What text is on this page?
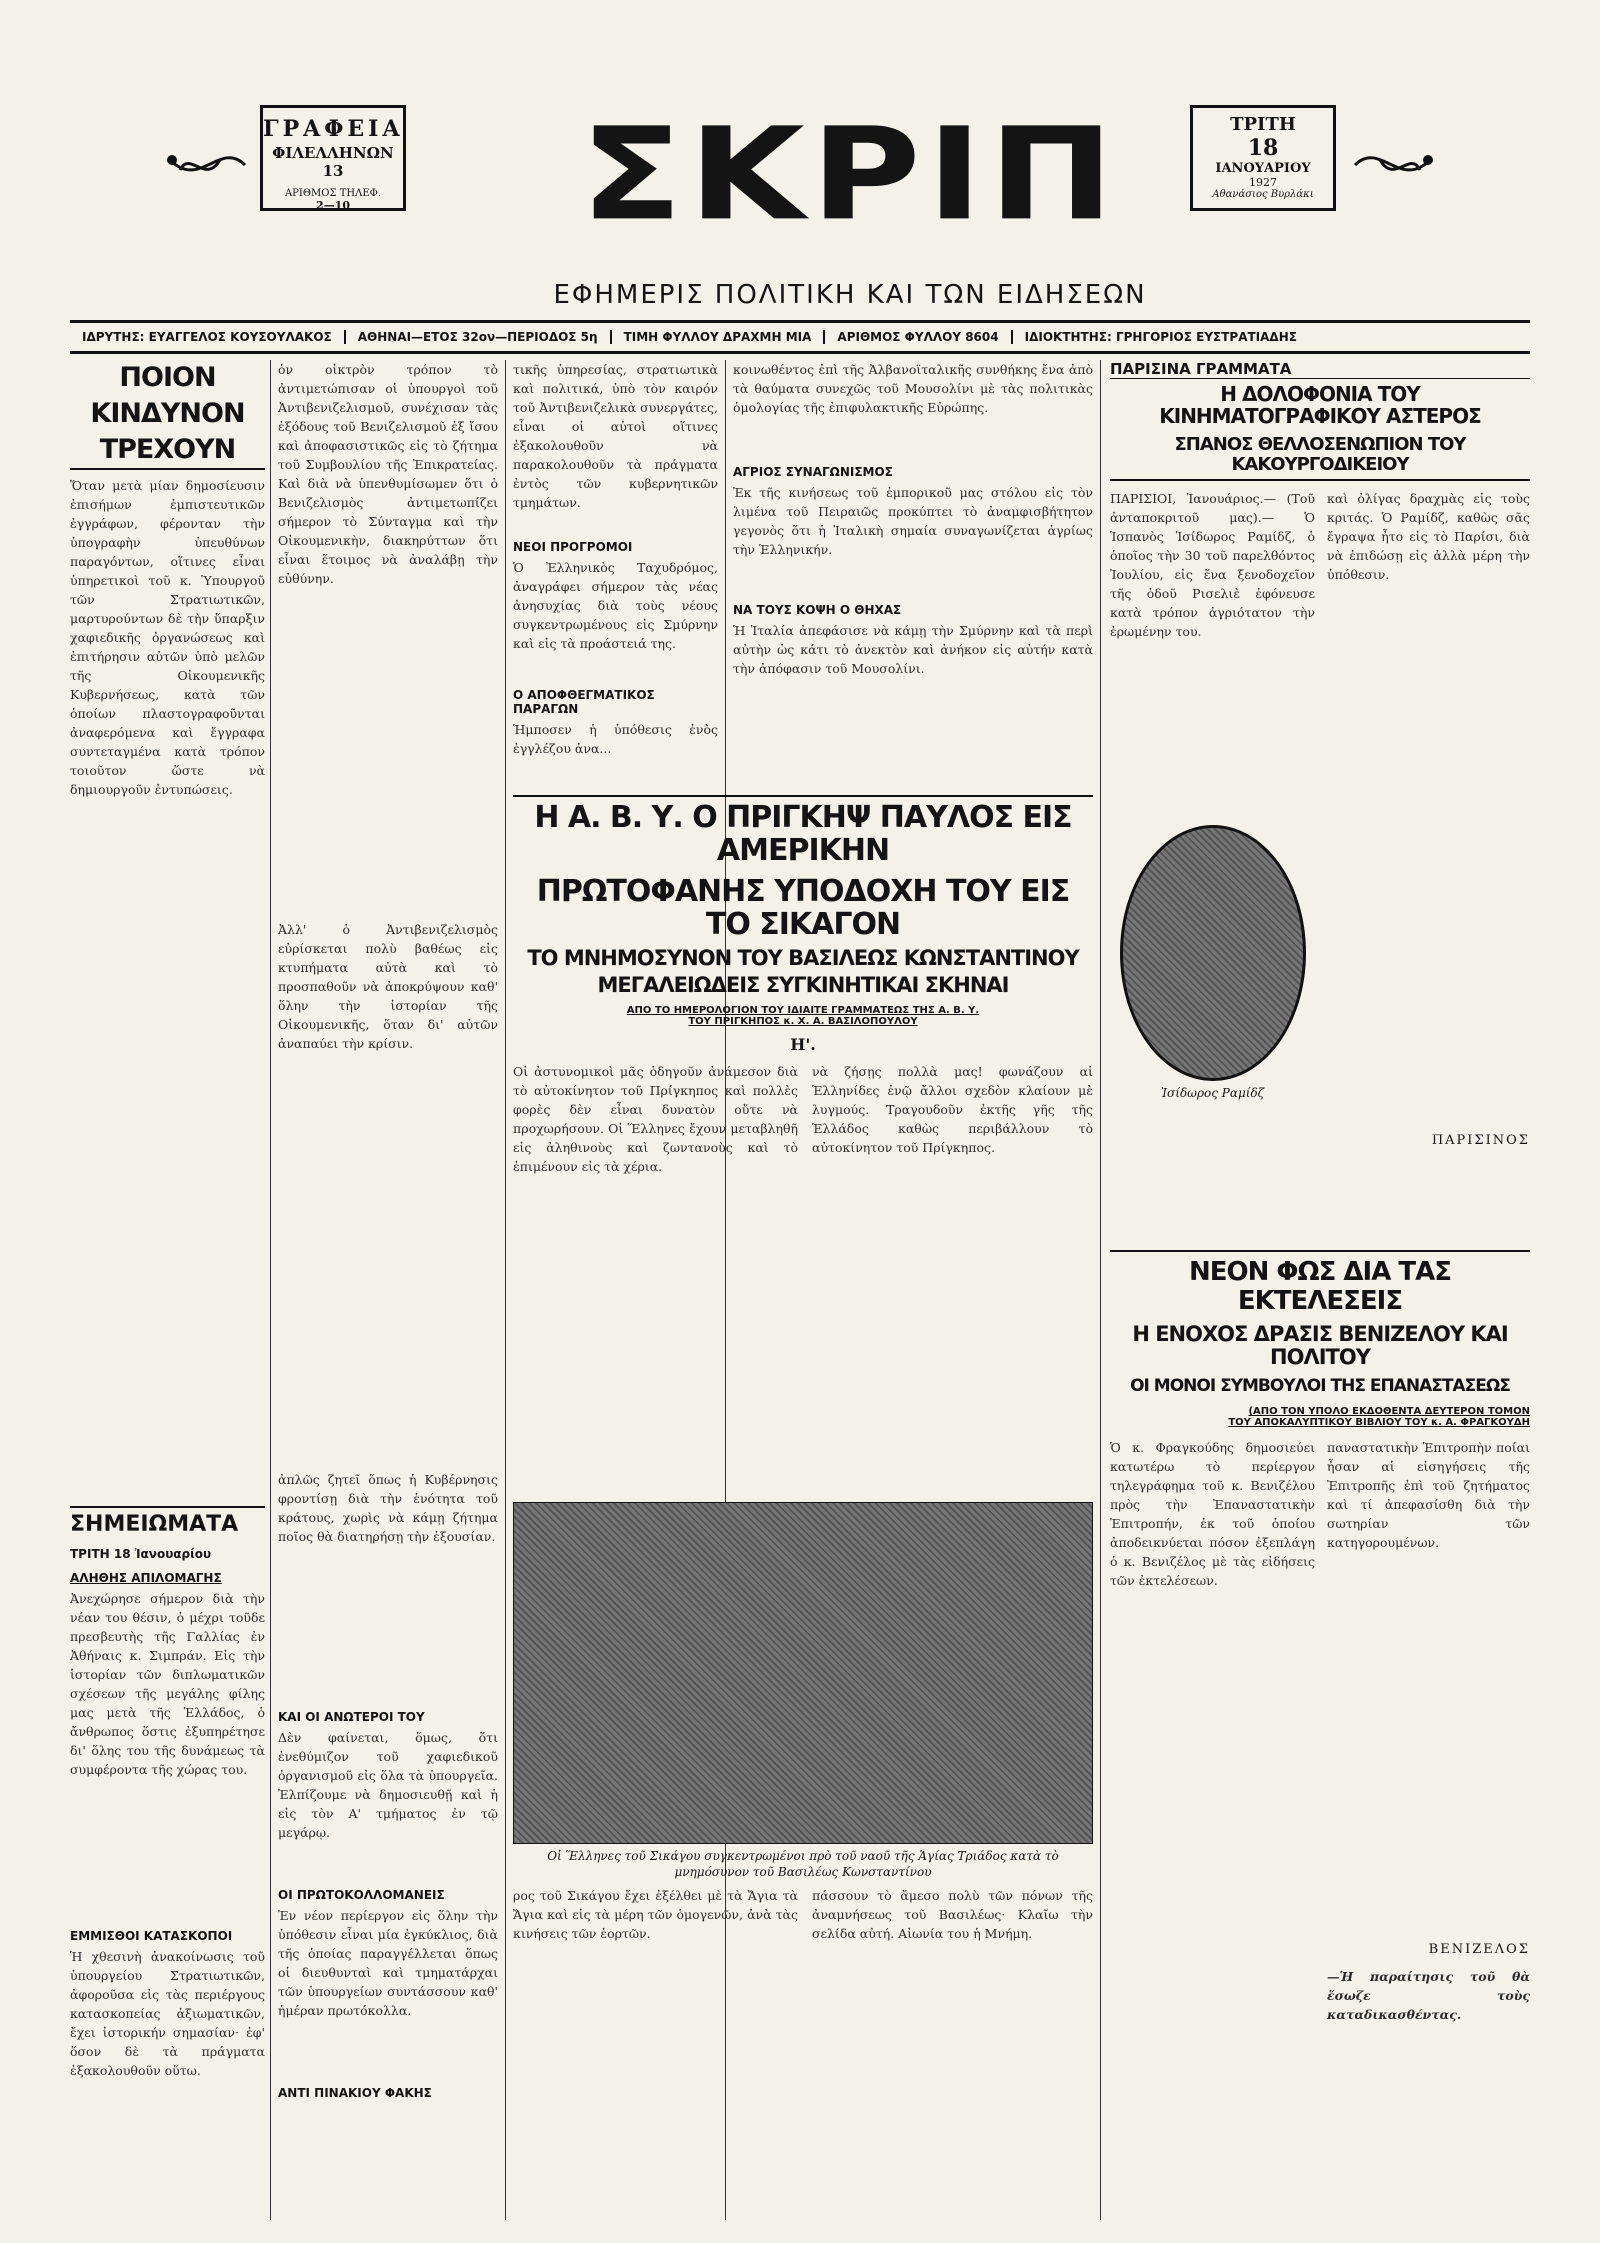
ΓΡΑΦΕΙΑ
ΦΙΛΕΛΛΗΝΩΝ 13
ΑΡΙΘΜΟΣ ΤΗΛΕΦ.
2—10	ΣΚΡΙΠ
ΕΦΗΜΕΡΙΣ ΠΟΛΙΤΙΚΗ ΚΑΙ ΤΩΝ ΕΙΔΗΣΕΩΝ
ΤΡΙΤΗ
18
ΙΑΝΟΥΑΡΙΟΥ
1927
Αθανάσιος Βυρλάκι
ΙΔΡΥΤΗΣ: ΕΥΑΓΓΕΛΟΣ ΚΟΥΣΟΥΛΑΚΟΣ	ΑΘΗΝΑΙ—ΕΤΟΣ 32ον—ΠΕΡΙΟΔΟΣ 5η	ΤΙΜΗ ΦΥΛΛΟΥ ΔΡΑΧΜΗ ΜΙΑ	ΑΡΙΘΜΟΣ ΦΥΛΛΟΥ 8604	ΙΔΙΟΚΤΗΤΗΣ: ΓΡΗΓΟΡΙΟΣ ΕΥΣΤΡΑΤΙΑΔΗΣ
ΠΟΙΟΝ ΚΙΝΔΥΝΟΝ ΤΡΕΧΟΥΝ
Ὅταν μετὰ μίαν δημοσίευσιν ἐπισήμων ἐμπιστευτικῶν ἐγγράφων, φέρονταν τὴν ὑπογραφὴν ὑπευθύνων παραγόντων, οἵτινες εἶναι ὑπηρετικοὶ τοῦ κ. Ὑπουργοῦ τῶν Στρατιωτικῶν, μαρτυρούντων δὲ τὴν ὕπαρξιν χαφιεδικῆς ὀργανώσεως καὶ ἐπιτήρησιν αὐτῶν ὑπὸ μελῶν τῆς Οἰκουμενικῆς Κυβερνήσεως, κατὰ τῶν ὁποίων πλαστογραφοῦνται ἀναφερόμενα καὶ ἔγγραφα συντεταγμένα κατὰ τρόπον τοιοῦτον ὥστε νὰ δημιουργοῦν ἐντυπώσεις.
ΣΗΜΕΙΩΜΑΤΑ
ΤΡΙΤΗ 18 Ἰανουαρίου
ΑΛΗΘΗΣ ΑΠΙΛΟΜΑΓΗΣ
Ἀνεχώρησε σήμερον διὰ τὴν νέαν του θέσιν, ὁ μέχρι τοῦδε πρεσβευτὴς τῆς Γαλλίας ἐν Ἀθήναις κ. Σιμπράν. Εἰς τὴν ἱστορίαν τῶν διπλωματικῶν σχέσεων τῆς μεγάλης φίλης μας μετὰ τῆς Ἑλλάδος, ὁ ἄνθρωπος ὅστις ἐξυπηρέτησε δι' ὅλης του τῆς δυνάμεως τὰ συμφέροντα τῆς χώρας του.
ΕΜΜΙΣΘΟΙ ΚΑΤΑΣΚΟΠΟΙ
Ἡ χθεσινὴ ἀνακοίνωσις τοῦ ὑπουργείου Στρατιωτικῶν, ἀφοροῦσα εἰς τὰς περιέργους κατασκοπείας ἀξιωματικῶν, ἔχει ἰστορικήν σημασίαν· ἐφ' ὅσον δὲ τὰ πράγματα ἐξακολουθοῦν οὕτω.
ὁν οἰκτρὸν τρόπον τὸ ἀντιμετώπισαν οἱ ὑπουργοὶ τοῦ Ἀντιβενιζελισμοῦ, συνέχισαν τὰς ἐξόδους τοῦ Βενιζελισμοῦ ἐξ ἴσου καὶ ἀποφασιστικῶς εἰς τὸ ζήτημα τοῦ Συμβουλίου τῆς Ἐπικρατείας. Καὶ διὰ νὰ ὑπενθυμίσωμεν ὅτι ὁ Βενιζελισμὸς ἀντιμετωπίζει σήμερον τὸ Σύνταγμα καὶ τὴν Οἰκουμενικὴν, διακηρύττων ὅτι εἶναι ἕτοιμος νὰ ἀναλάβῃ τὴν εὐθύνην.
Ἀλλ' ὁ Ἀντιβενιζελισμὸς εὐρίσκεται πολὺ βαθέως εἰς κτυπήματα αὐτὰ καὶ τὸ προσπαθοῦν νὰ ἀποκρύψουν καθ' ὅλην τὴν ἱστορίαν τῆς Οἰκουμενικῆς, ὅταν δι' αὐτῶν ἀναπαύει τὴν κρίσιν.
ἀπλῶς ζητεῖ ὅπως ἡ Κυβέρνησις φροντίσῃ διὰ τὴν ἑνότητα τοῦ κράτους, χωρὶς νὰ κάμῃ ζήτημα ποῖος θὰ διατηρήσῃ τὴν ἐξουσίαν.
ΚΑΙ ΟΙ ΑΝΩΤΕΡΟΙ ΤΟΥ
Δὲν φαίνεται, ὅμως, ὅτι ἐνεθύμιζον τοῦ χαφιεδικοῦ ὀργανισμοῦ εἰς ὅλα τὰ ὑπουργεῖα. Ἐλπίζουμε νὰ δημοσιευθῇ καὶ ἡ εἰς τὸν Α' τμήματος ἐν τῷ μεγάρῳ.
ΟΙ ΠΡΩΤΟΚΟΛΛΟΜΑΝΕΙΣ
Ἐν νέον περίεργον εἰς ὅλην τὴν ὑπόθεσιν εἶναι μία ἐγκύκλιος, διὰ τῆς ὁποίας παραγγέλλεται ὅπως οἱ διευθυνταὶ καὶ τμηματάρχαι τῶν ὑπουργείων συντάσσουν καθ' ἡμέραν πρωτόκολλα.
ΑΝΤΙ ΠΙΝΑΚΙΟΥ ΦΑΚΗΣ
τικῆς ὑπηρεσίας, στρατιωτικὰ καὶ πολιτικά, ὑπὸ τὸν καιρόν τοῦ Ἀντιβενιζελικὰ συνεργάτες, εἶναι οἱ αὐτοὶ οἵτινες ἐξακολουθοῦν νὰ παρακολουθοῦν τὰ πράγματα ἐντὸς τῶν κυβερνητικῶν τμημάτων.
ΝΕΟΙ ΠΡΟΓΡΟΜΟΙ
Ὁ Ἐλληνικὸς Ταχυδρόμος, ἀναγράφει σήμερον τὰς νέας ἀνησυχίας διὰ τοὺς νέους συγκεντρωμένους εἰς Σμύρνην καὶ εἰς τὰ προάστειά της.
Ο ΑΠΟΦΘΕΓΜΑΤΙΚΟΣ ΠΑΡΑΓΩΝ
Ἡμποσεν ἡ ὑπόθεσις ἐνὸς ἐγγλέζου ἀνα...
κοινωθέντος ἐπὶ τῆς Ἀλβανοϊταλικῆς συνθήκης ἔνα ἀπὸ τὰ θαύματα συνεχῶς τοῦ Μουσολίνι μὲ τὰς πολιτικὰς ὁμολογίας τῆς ἐπιφυλακτικῆς Εὐρώπης.
ΑΓΡΙΟΣ ΣΥΝΑΓΩΝΙΣΜΟΣ
Ἐκ τῆς κινήσεως τοῦ ἐμπορικοῦ μας στόλου εἰς τὸν λιμένα τοῦ Πειραιῶς προκύπτει τὸ ἀναμφισβήτητον γεγονὸς ὅτι ἡ Ἰταλικὴ σημαία συναγωνίζεται ἀγρίως τὴν Ἑλληνικήν.
ΝΑ ΤΟΥΣ ΚΟΨΗ Ο ΘΗΧΑΣ
Ἡ Ἰταλία ἀπεφάσισε νὰ κάμῃ τὴν Σμύρνην καὶ τὰ περὶ αὐτὴν ὡς κάτι τὸ ἀνεκτὸν καὶ ἀνήκον εἰς αὐτήν κατὰ τὴν ἀπόφασιν τοῦ Μουσολίνι.
Η Α. Β. Υ. Ο ΠΡΙΓΚΗΨ ΠΑΥΛΟΣ ΕΙΣ ΑΜΕΡΙΚΗΝ
ΠΡΩΤΟΦΑΝΗΣ ΥΠΟΔΟΧΗ ΤΟΥ ΕΙΣ ΤΟ ΣΙΚΑΓΟΝ
ΤΟ ΜΝΗΜΟΣΥΝΟΝ ΤΟΥ ΒΑΣΙΛΕΩΣ ΚΩΝΣΤΑΝΤΙΝΟΥ
ΜΕΓΑΛΕΙΩΔΕΙΣ ΣΥΓΚΙΝΗΤΙΚΑΙ ΣΚΗΝΑΙ
ΑΠΟ ΤΟ ΗΜΕΡΟΛΟΓΙΟΝ ΤΟΥ ΙΔΙΑΙΤΕ ΓΡΑΜΜΑΤΕΩΣ ΤΗΣ Α. Β. Υ.
ΤΟΥ ΠΡΙΓΚΗΠΟΣ κ. Χ. Α. ΒΑΣΙΛΟΠΟΥΛΟΥ
Η'.
Οἱ ἀστυνομικοὶ μᾶς ὁδηγοῦν ἀνάμεσον διὰ τὸ αὐτοκίνητον τοῦ Πρίγκηπος καὶ πολλὲς φορὲς δὲν εἶναι δυνατὸν οὔτε νὰ προχωρήσουν. Οἱ Ἕλληνες ἔχουν μεταβληθῆ εἰς ἀληθινοὺς καὶ ζωντανοὺς καὶ τὸ ἐπιμένουν εἰς τὰ χέρια.
νὰ ζήσῃς πολλὰ μας! φωνάζουν αἱ Ἑλληνίδες ἐνῷ ἄλλοι σχεδὸν κλαίουν μὲ λυγμούς. Τραγουδοῦν ἐκτῆς γῆς τῆς Ἑλλάδος καθὼς περιβάλλουν τὸ αὐτοκίνητον τοῦ Πρίγκηπος.
Οἱ Ἕλληνες τοῦ Σικάγου συγκεντρωμένοι πρὸ τοῦ ναοῦ τῆς Ἁγίας Τριάδος κατὰ τὸ μνημόσυνον τοῦ Βασιλέως Κωνσταντίνου
ρος τοῦ Σικάγου ἔχει ἐξέλθει μὲ τὰ Ἄγια τὰ Ἄγια καὶ εἰς τὰ μέρη τῶν ὁμογενῶν, ἀνὰ τὰς κινήσεις τῶν ἑορτῶν.
πάσσουν τὸ ἄμεσο πολὺ τῶν πόνων τῆς ἀναμνήσεως τοῦ Βασιλέως· Κλαῖω τὴν σελίδα αὐτή. Αἰωνία του ἡ Μνήμη.
ΠΑΡΙΣΙΝΑ ΓΡΑΜΜΑΤΑ
Η ΔΟΛΟΦΟΝΙΑ ΤΟΥ ΚΙΝΗΜΑΤΟΓΡΑΦΙΚΟΥ ΑΣΤΕΡΟΣ
ΣΠΑΝΟΣ ΘΕΛΛΟΣΕΝΩΠΙΟΝ ΤΟΥ ΚΑΚΟΥΡΓΟΔΙΚΕΙΟΥ
ΠΑΡΙΣΙΟΙ, Ἰανουάριος.— (Τοῦ ἀνταποκριτοῦ μας).— Ὁ Ἱσπανὸς Ἰσίδωρος Ραμίδζ, ὁ ὁποῖος τὴν 30 τοῦ παρελθόντος Ἰουλίου, εἰς ἕνα ξενοδοχεῖον τῆς ὁδοῦ Ρισελιὲ ἐφόνευσε κατὰ τρόπον ἀγριότατον τὴν ἐρωμένην του.
Ἰσίδωρος Ραμίδζ
καὶ ὀλίγας δραχμὰς εἰς τοὺς κριτάς. Ὁ Ραμίδζ, καθὼς σᾶς ἔγραψα ἦτο εἰς τὸ Παρίσι, διὰ νὰ ἐπιδώσῃ εἰς ἀλλὰ μέρη τὴν ὑπόθεσιν.
ΠΑΡΙΣΙΝΟΣ
ΝΕΟΝ ΦΩΣ ΔΙΑ ΤΑΣ ΕΚΤΕΛΕΣΕΙΣ
Η ΕΝΟΧΟΣ ΔΡΑΣΙΣ ΒΕΝΙΖΕΛΟΥ ΚΑΙ ΠΟΛΙΤΟΥ
ΟΙ ΜΟΝΟΙ ΣΥΜΒΟΥΛΟΙ ΤΗΣ ΕΠΑΝΑΣΤΑΣΕΩΣ
(ΑΠΟ ΤΟΝ ΥΠΟΛΟ ΕΚΔΟΘΕΝΤΑ ΔΕΥΤΕΡΟΝ ΤΟΜΟΝ
ΤΟΥ ΑΠΟΚΑΛΥΠΤΙΚΟΥ ΒΙΒΛΙΟΥ ΤΟΥ κ. Α. ΦΡΑΓΚΟΥΔΗ
Ὁ κ. Φραγκούδης δημοσιεύει κατωτέρω τὸ περίεργον τηλεγράφημα τοῦ κ. Βενιζέλου πρὸς τὴν Ἐπαναστατικὴν Ἐπιτροπήν, ἐκ τοῦ ὁποίου ἀποδεικνύεται πόσον ἐξεπλάγη ὁ κ. Βενιζέλος μὲ τὰς εἰδήσεις τῶν ἐκτελέσεων.
παναστατικὴν Ἐπιτροπὴν ποίαι ἦσαν αἱ εἰσηγήσεις τῆς Ἐπιτροπῆς ἐπὶ τοῦ ζητήματος καὶ τί ἀπεφασίσθη διὰ τὴν σωτηρίαν τῶν κατηγορουμένων.
ΒΕΝΙΖΕΛΟΣ
—Ἡ παραίτησις τοῦ θὰ ἔσωζε τοὺς καταδικασθέντας.
